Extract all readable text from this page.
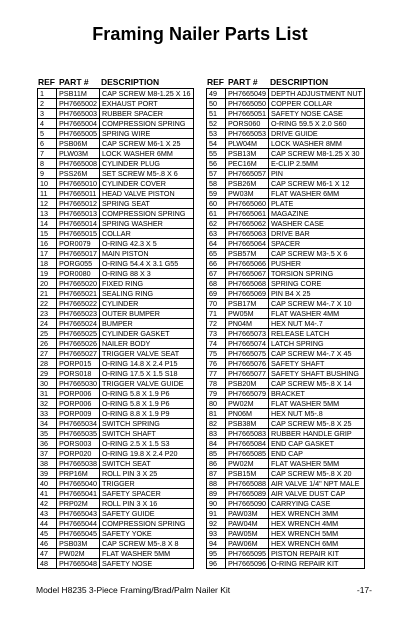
Framing Nailer Parts List
REF PART #	DESCRIPTION	REF PART #	DESCRIPTION
1	PSB11M	CAP SCREW M8-1.25 X 16
2	PH7665002	EXHAUST PORT
3	PH7665003	RUBBER SPACER
4	PH7665004	COMPRESSION SPRING
5	PH7665005	SPRING WIRE
6	PSB06M	CAP SCREW M6-1 X 25
7	PLW03M	LOCK WASHER 6MM
8	PH7665008	CYLINDER PLUG
9	PSS26M	SET SCREW M5-.8 X 6
10	PH7665010	CYLINDER COVER
11	PH7665011	HEAD VALVE PISTON
12	PH7665012	SPRING SEAT
13	PH7665013	COMPRESSION SPRING
14	PH7665014	SPRING WASHER
15	PH7665015	COLLAR
16	POR0079	O-RING 42.3 X 5
17	PH7665017	MAIN PISTON
18	PORG055	O-RING 54.4 X 3.1 G55
19	POR0080	O-RING 88 X 3
20	PH7665020	FIXED RING
21	PH7665021	SEALING RING
22	PH7665022	CYLINDER
23	PH7665023	OUTER BUMPER
24	PH7665024	BUMPER
25	PH7665025	CYLINDER GASKET
26	PH7665026	NAILER BODY
27	PH7665027	TRIGGER VALVE SEAT
28	PORP015	O-RING 14.8 X 2.4 P15
29	PORS018	O-RING 17.5 X 1.5 S18
30	PH7665030	TRIGGER VALVE GUIDE
31	PORP006	O-RING 5.8 X 1.9 P6
32	PORP006	O-RING 5.8 X 1.9 P6
33	PORP009	O-RING 8.8 X 1.9 P9
34	PH7665034	SWITCH SPRING
35	PH7665035	SWITCH SHAFT
36	PORS003	O-RING 2.5 X 1.5 S3
37	PORP020	O-RING 19.8 X 2.4 P20
38	PH7665038	SWITCH SEAT
39	PRP16M	ROLL PIN 3 X 25
40	PH7665040	TRIGGER
41	PH7665041	SAFETY SPACER
42	PRP02M	ROLL PIN 3 X 16
43	PH7665043	SAFETY GUIDE
44	PH7665044	COMPRESSION SPRING
45	PH7665045	SAFETY YOKE
46	PSB03M	CAP SCREW M5-.8 X 8
47	PW02M	FLAT WASHER 5MM
48	PH7665048	SAFETY NOSE
49	PH7665049	DEPTH ADJUSTMENT NUT
50	PH7665050	COPPER COLLAR
51	PH7665051	SAFETY NOSE CASE
52	PORS060	O-RING 59.5 X 2.0 S60
53	PH7665053	DRIVE GUIDE
54	PLW04M	LOCK WASHER 8MM
55	PSB13M	CAP SCREW M8-1.25 X 30
56	PEC16M	E-CLIP 2.5MM
57	PH7665057	PIN
58	PSB26M	CAP SCREW M6-1 X 12
59	PW03M	FLAT WASHER 6MM
60	PH7665060	PLATE
61	PH7665061	MAGAZINE
62	PH7665062	WASHER CASE
63	PH7665063	DRIVE BAR
64	PH7665064	SPACER
65	PSB57M	CAP SCREW M3-.5 X 6
66	PH7665066	PUSHER
67	PH7665067	TORSION SPRING
68	PH7665068	SPRING CORE
69	PH7665069	PIN B4 X 25
70	PSB17M	CAP SCREW M4-.7 X 10
71	PW05M	FLAT WASHER 4MM
72	PN04M	HEX NUT M4-.7
73	PH7665073	RELEASE LATCH
74	PH7665074	LATCH SPRING
75	PH7665075	CAP SCREW M4-.7 X 45
76	PH7665076	SAFETY SHAFT
77	PH7665077	SAFETY SHAFT BUSHING
78	PSB20M	CAP SCREW M5-.8 X 14
79	PH7665079	BRACKET
80	PW02M	FLAT WASHER 5MM
81	PN06M	HEX NUT M5-.8
82	PSB38M	CAP SCREW M5-.8 X 25
83	PH7665083	RUBBER HANDLE GRIP
84	PH7665084	END CAP GASKET
85	PH7665085	END CAP
86	PW02M	FLAT WASHER 5MM
87	PSB15M	CAP SCREW M5-.8 X 20
88	PH7665088	AIR VALVE 1/4" NPT MALE
89	PH7665089	AIR VALVE DUST CAP
90	PH7665090	CARRYING CASE
91	PAW03M	HEX WRENCH 3MM
92	PAW04M	HEX WRENCH 4MM
93	PAW05M	HEX WRENCH 5MM
94	PAW06M	HEX WRENCH 6MM
95	PH7665095	PISTON REPAIR KIT
96	PH7665096	O-RING REPAIR KIT
Model H8235 3-Piece Framing/Brad/Palm Nailer Kit	-17-
